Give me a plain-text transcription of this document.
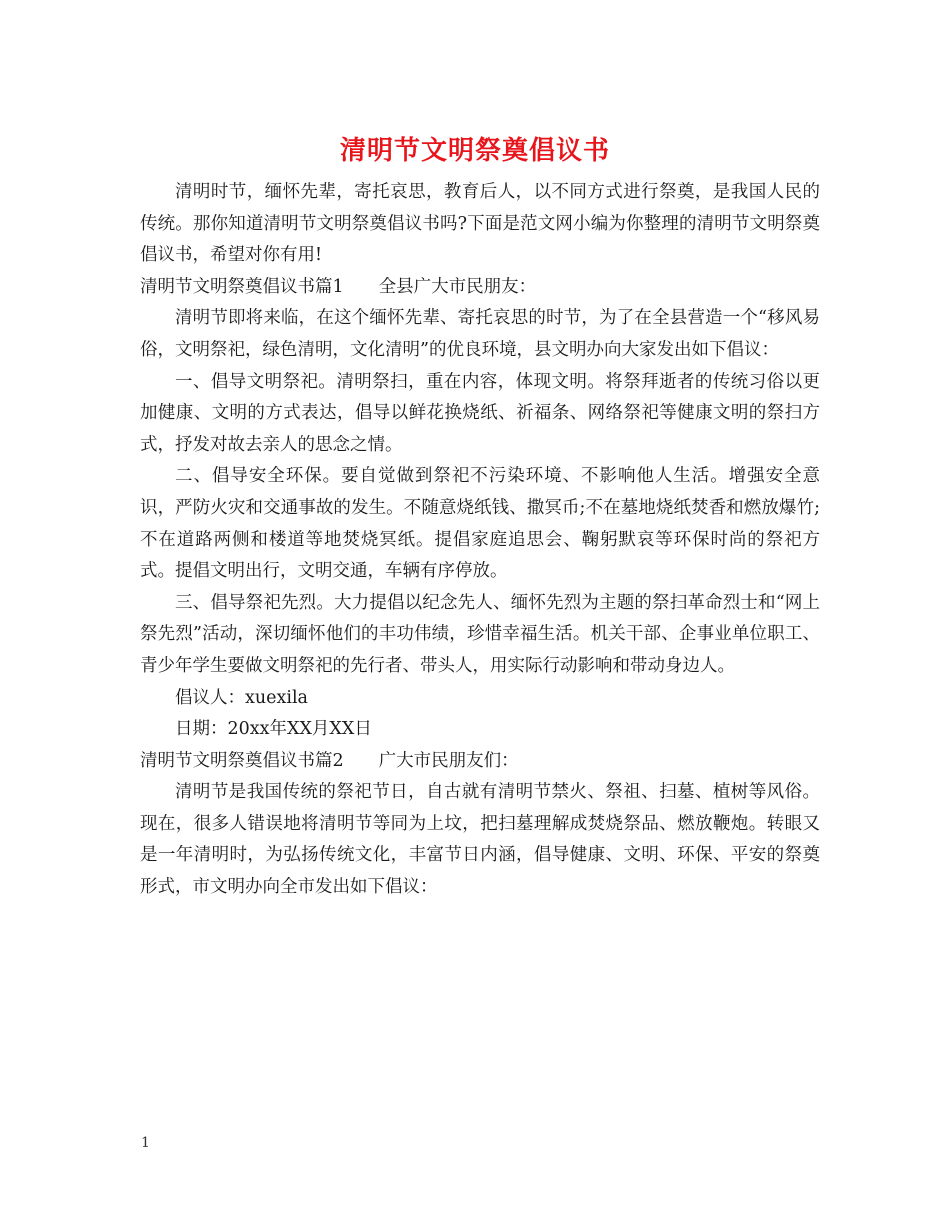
清明节文明祭奠倡议书

清明时节，缅怀先辈，寄托哀思，教育后人，以不同方式进行祭奠，是我国人民的传统。那你知道清明节文明祭奠倡议书吗?下面是范文网小编为你整理的清明节文明祭奠倡议书，希望对你有用!

清明节文明祭奠倡议书篇1　　全县广大市民朋友：

清明节即将来临，在这个缅怀先辈、寄托哀思的时节，为了在全县营造一个“移风易俗，文明祭祀，绿色清明，文化清明”的优良环境，县文明办向大家发出如下倡议：

一、倡导文明祭祀。清明祭扫，重在内容，体现文明。将祭拜逝者的传统习俗以更加健康、文明的方式表达，倡导以鲜花换烧纸、祈福条、网络祭祀等健康文明的祭扫方式，抒发对故去亲人的思念之情。

二、倡导安全环保。要自觉做到祭祀不污染环境、不影响他人生活。增强安全意识，严防火灾和交通事故的发生。不随意烧纸钱、撒冥币;不在墓地烧纸焚香和燃放爆竹;不在道路两侧和楼道等地焚烧冥纸。提倡家庭追思会、鞠躬默哀等环保时尚的祭祀方式。提倡文明出行，文明交通，车辆有序停放。

三、倡导祭祀先烈。大力提倡以纪念先人、缅怀先烈为主题的祭扫革命烈士和“网上祭先烈”活动，深切缅怀他们的丰功伟绩，珍惜幸福生活。机关干部、企事业单位职工、青少年学生要做文明祭祀的先行者、带头人，用实际行动影响和带动身边人。

倡议人：xuexila

日期：20xx年XX月XX日

清明节文明祭奠倡议书篇2　　广大市民朋友们：

清明节是我国传统的祭祀节日，自古就有清明节禁火、祭祖、扫墓、植树等风俗。现在，很多人错误地将清明节等同为上坟，把扫墓理解成焚烧祭品、燃放鞭炮。转眼又是一年清明时，为弘扬传统文化，丰富节日内涵，倡导健康、文明、环保、平安的祭奠形式，市文明办向全市发出如下倡议：

1
